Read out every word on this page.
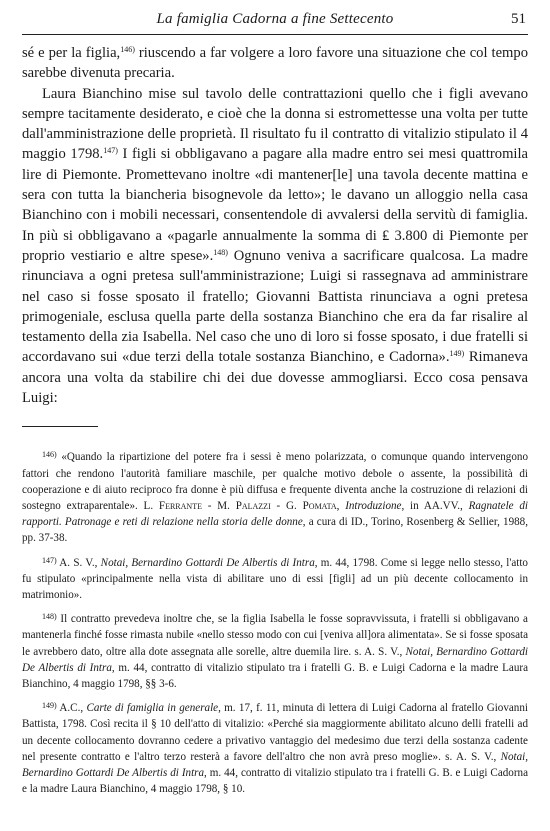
La famiglia Cadorna a fine Settecento	51

sé e per la figlia,$^{146)}$ riuscendo a far volgere a loro favore una situazione che col tempo sarebbe divenuta precaria.

Laura Bianchino mise sul tavolo delle contrattazioni quello che i figli avevano sempre tacitamente desiderato, e cioè che la donna si estromettesse una volta per tutte dall'amministrazione delle proprietà. Il risultato fu il contratto di vitalizio stipulato il 4 maggio 1798.$^{147)}$ I figli si obbligavano a pagare alla madre entro sei mesi quattromila lire di Piemonte. Promettevano inoltre «di mantener[le] una tavola decente mattina e sera con tutta la biancheria bisognevole da letto»; le davano un alloggio nella casa Bianchino con i mobili necessari, consentendole di avvalersi della servitù di famiglia. In più si obbligavano a «pagarle annualmente la somma di ₤ 3.800 di Piemonte per proprio vestiario e altre spese».$^{148)}$ Ognuno veniva a sacrificare qualcosa. La madre rinunciava a ogni pretesa sull'amministrazione; Luigi si rassegnava ad amministrare nel caso si fosse sposato il fratello; Giovanni Battista rinunciava a ogni pretesa primogeniale, esclusa quella parte della sostanza Bianchino che era da far risalire al testamento della zia Isabella. Nel caso che uno di loro si fosse sposato, i due fratelli si accordavano sui «due terzi della totale sostanza Bianchino, e Cadorna».$^{149)}$ Rimaneva ancora una volta da stabilire chi dei due dovesse ammogliarsi. Ecco cosa pensava Luigi:

$^{146)}$ «Quando la ripartizione del potere fra i sessi è meno polarizzata, o comunque quando intervengono fattori che rendono l'autorità familiare maschile, per qualche motivo debole o assente, la possibilità di cooperazione e di aiuto reciproco fra donne è più diffusa e frequente diventa anche la costruzione di relazioni di sostegno extraparentale». L. Ferrante - M. Palazzi - G. Pomata, Introduzione, in AA.VV., Ragnatele di rapporti. Patronage e reti di relazione nella storia delle donne, a cura di ID., Torino, Rosenberg & Sellier, 1988, pp. 37-38.

$^{147)}$ A. S. V., Notai, Bernardino Gottardi De Albertis di Intra, m. 44, 1798. Come si legge nello stesso, l'atto fu stipulato «principalmente nella vista di abilitare uno di essi [figli] ad un più decente collocamento in matrimonio».

$^{148)}$ Il contratto prevedeva inoltre che, se la figlia Isabella le fosse sopravvissuta, i fratelli si obbligavano a mantenerla finché fosse rimasta nubile «nello stesso modo con cui [veniva all]ora alimentata». Se si fosse sposata le avrebbero dato, oltre alla dote assegnata alle sorelle, altre duemila lire. s. A. S. V., Notai, Bernardino Gottardi De Albertis di Intra, m. 44, contratto di vitalizio stipulato tra i fratelli G. B. e Luigi Cadorna e la madre Laura Bianchino, 4 maggio 1798, §§ 3-6.

$^{149)}$ A.C., Carte di famiglia in generale, m. 17, f. 11, minuta di lettera di Luigi Cadorna al fratello Giovanni Battista, 1798. Così recita il § 10 dell'atto di vitalizio: «Perché sia maggiormente abilitato alcuno delli fratelli ad un decente collocamento dovranno cedere a privativo vantaggio del medesimo due terzi della sostanza cadente nel presente contratto e l'altro terzo resterà a favore dell'altro che non avrà preso moglie». s. A. S. V., Notai, Bernardino Gottardi De Albertis di Intra, m. 44, contratto di vitalizio stipulato tra i fratelli G. B. e Luigi Cadorna e la madre Laura Bianchino, 4 maggio 1798, § 10.
